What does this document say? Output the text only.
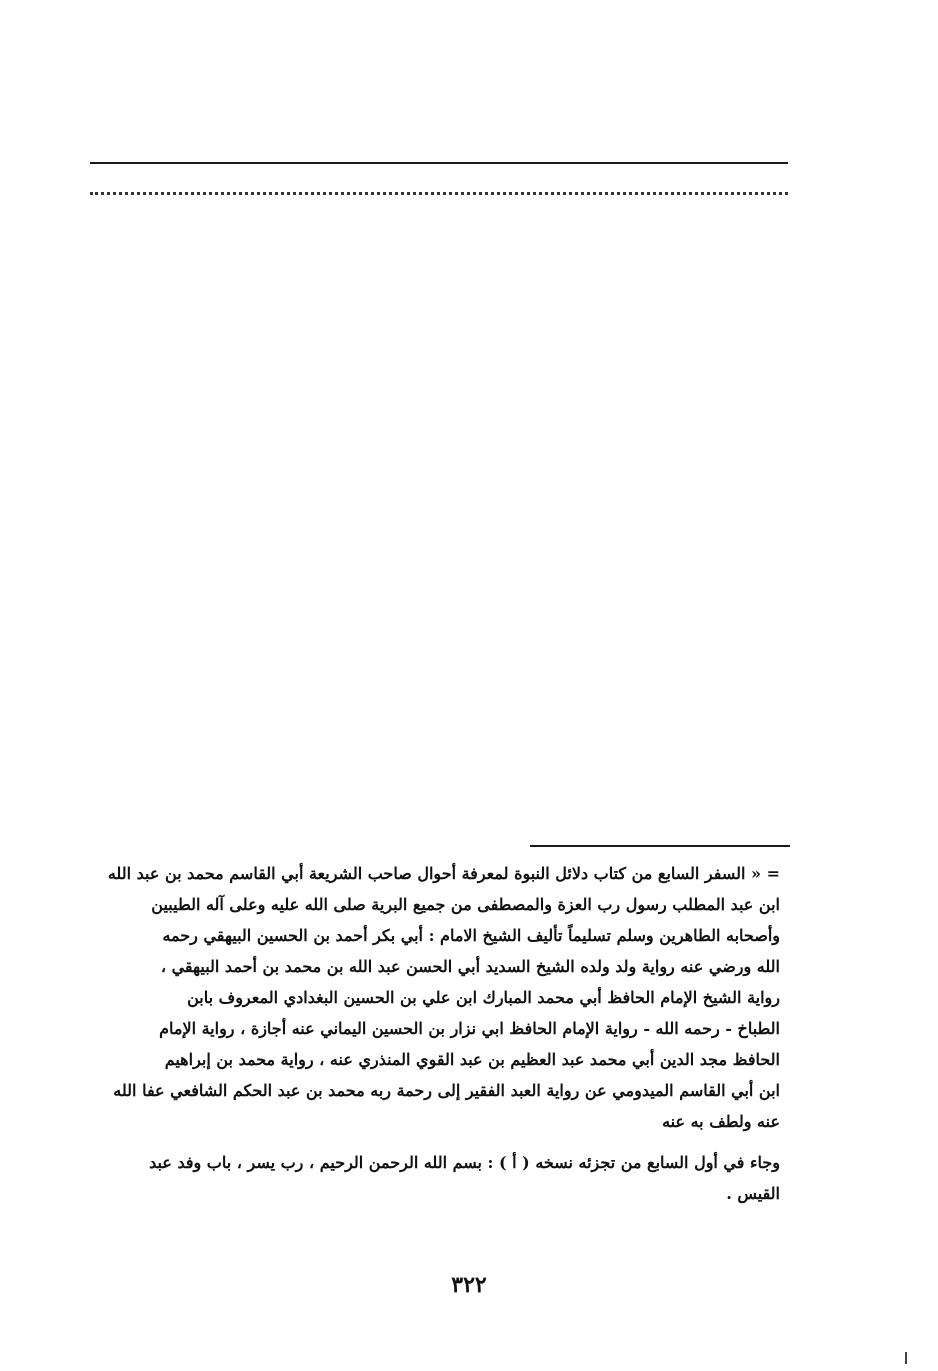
= « السفر السابع من كتاب دلائل النبوة لمعرفة أحوال صاحب الشريعة أبي القاسم محمد بن عبد الله
ابن عبد المطلب رسول رب العزة والمصطفى من جميع البرية صلى الله عليه وعلى آله الطيبين
وأصحابه الطاهرين وسلم تسليماً تأليف الشيخ الامام : أبي بكر أحمد بن الحسين البيهقي رحمه
الله ورضي عنه رواية ولد ولده الشيخ السديد أبي الحسن عبد الله بن محمد بن أحمد البيهقي ،
رواية الشيخ الإمام الحافظ أبي محمد المبارك ابن علي بن الحسين البغدادي المعروف بابن
الطباخ - رحمه الله - رواية الإمام الحافظ ابي نزار بن الحسين اليماني عنه أجازة ، رواية الإمام
الحافظ مجد الدين أبي محمد عبد العظيم بن عبد القوي المنذري عنه ، رواية محمد بن إبراهيم
ابن أبي القاسم الميدومي عن رواية العبد الفقير إلى رحمة ربه محمد بن عبد الحكم الشافعي عفا الله
عنه ولطف به عنه
وجاء في أول السابع من تجزئه نسخه ( أ ) : بسم الله الرحمن الرحيم ، رب يسر ، باب وفد عبد
القيس .
٣٢٢
